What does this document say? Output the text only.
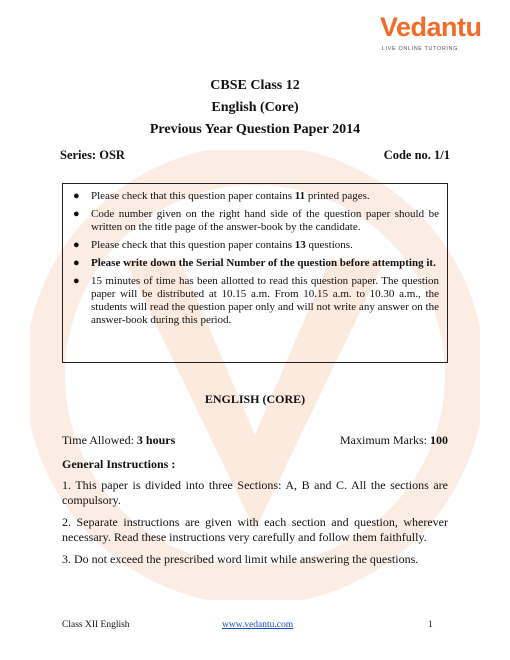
Vedantu
LIVE ONLINE TUTORING
CBSE Class 12
English (Core)
Previous Year Question Paper 2014
Series: OSR	Code no. 1/1
● Please check that this question paper contains 11 printed pages.
● Code number given on the right hand side of the question paper should be written on the title page of the answer-book by the candidate.
● Please check that this question paper contains 13 questions.
● Please write down the Serial Number of the question before attempting it.
● 15 minutes of time has been allotted to read this question paper. The question paper will be distributed at 10.15 a.m. From 10.15 a.m. to 10.30 a.m., the students will read the question paper only and will not write any answer on the answer-book during this period.
ENGLISH (CORE)
Time Allowed: 3 hours	Maximum Marks: 100
General Instructions :
1. This paper is divided into three Sections: A, B and C. All the sections are compulsory.
2. Separate instructions are given with each section and question, wherever necessary. Read these instructions very carefully and follow them faithfully.
3. Do not exceed the prescribed word limit while answering the questions.
Class XII English	www.vedantu.com	1
